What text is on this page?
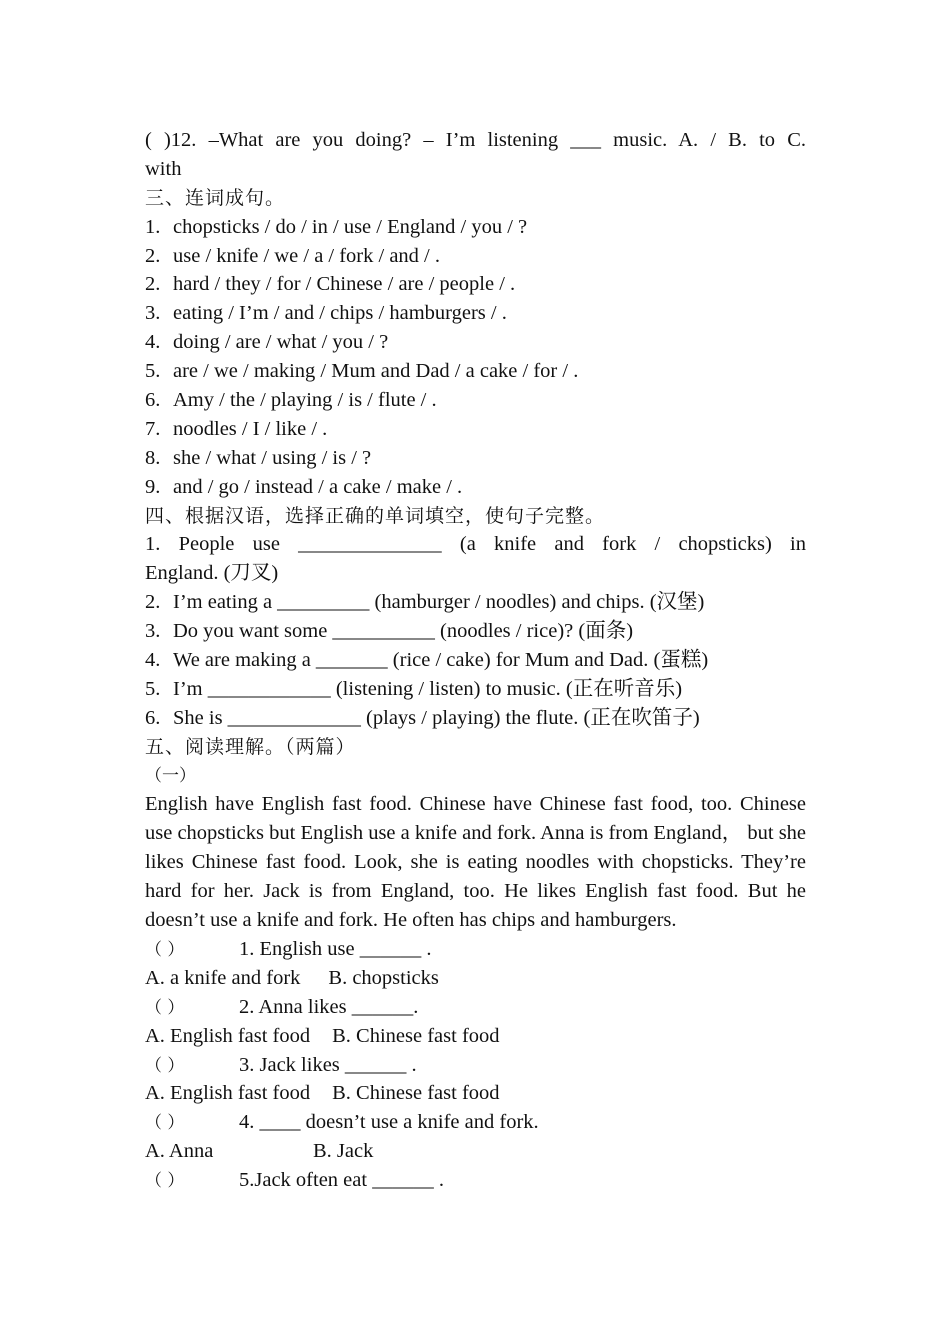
( )12. –What are you doing? – I’m listening ___ music. A. / B. to C.
with
三、连词成句。
1. chopsticks / do / in / use / England / you / ?
2. use / knife / we / a / fork / and / .
2. hard / they / for / Chinese / are / people / .
3. eating / I’m / and / chips / hamburgers / .
4. doing / are / what / you / ?
5. are / we / making / Mum and Dad / a cake / for / .
6. Amy / the / playing / is / flute / .
7. noodles / I / like / .
8. she / what / using / is / ?
9. and / go / instead / a cake / make / .
四、根据汉语，选择正确的单词填空，使句子完整。
1. People use ______________ (a knife and fork / chopsticks) in
England. (刀叉)
2. I’m eating a _________ (hamburger / noodles) and chips. (汉堡)
3. Do you want some __________ (noodles / rice)? (面条)
4. We are making a _______ (rice / cake) for Mum and Dad. (蛋糕)
5. I’m ____________ (listening / listen) to music. (正在听音乐)
6. She is _____________ (plays / playing) the flute. (正在吹笛子)
五、阅读理解。（两篇）
（一）
English have English fast food. Chinese have Chinese fast food, too. Chinese use chopsticks but English use a knife and fork. Anna is from England， but she likes Chinese fast food. Look, she is eating noodles with chopsticks. They’re hard for her. Jack is from England, too. He likes English fast food. But he doesn’t use a knife and fork. He often has chips and hamburgers.
（ ）	1. English use ______ .
A. a knife and fork B. chopsticks
（ ）	2. Anna likes ______.
A. English fast food B. Chinese fast food
（ ）	3. Jack likes ______ .
A. English fast food B. Chinese fast food
（ ）	4. ____ doesn’t use a knife and fork.
A. Anna	B. Jack
（ ）	5.Jack often eat ______ .
